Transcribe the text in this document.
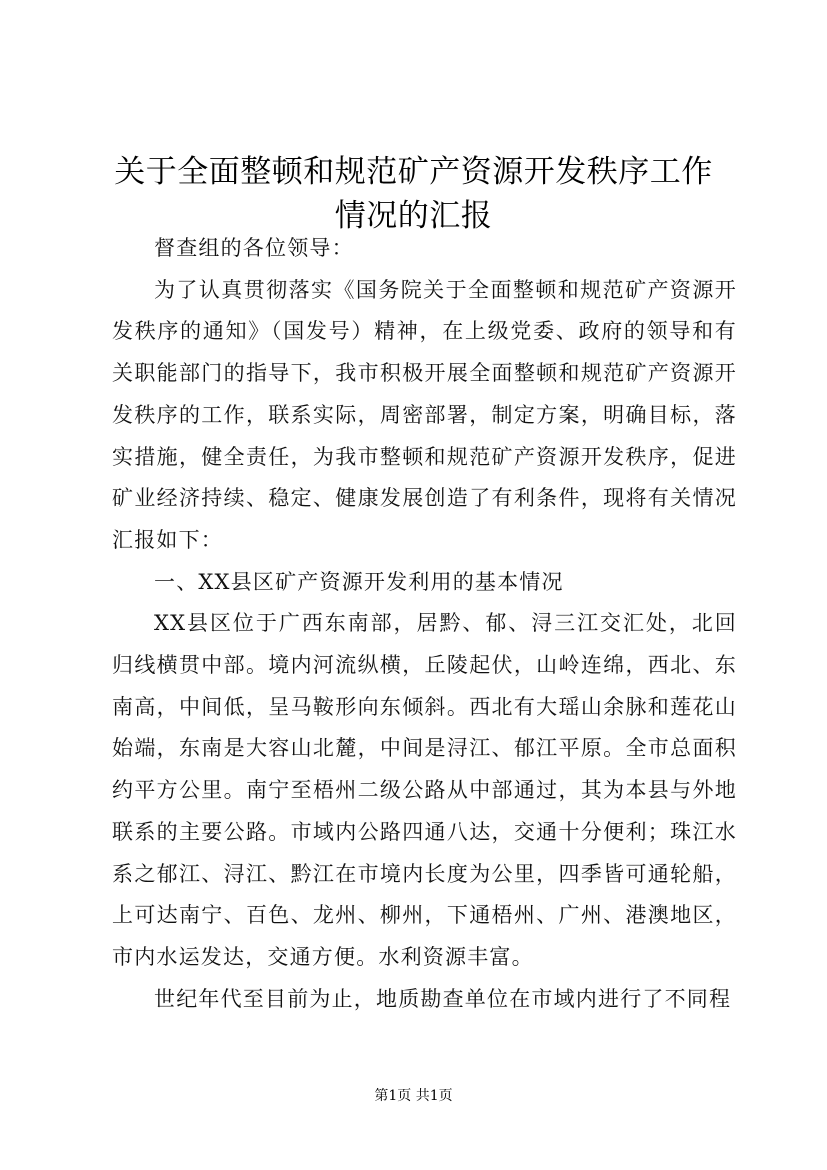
关于全面整顿和规范矿产资源开发秩序工作情况的汇报

督查组的各位领导：

为了认真贯彻落实《国务院关于全面整顿和规范矿产资源开发秩序的通知》（国发号）精神，在上级党委、政府的领导和有关职能部门的指导下，我市积极开展全面整顿和规范矿产资源开发秩序的工作，联系实际，周密部署，制定方案，明确目标，落实措施，健全责任，为我市整顿和规范矿产资源开发秩序，促进矿业经济持续、稳定、健康发展创造了有利条件，现将有关情况汇报如下：

一、XX县区矿产资源开发利用的基本情况

XX县区位于广西东南部，居黔、郁、浔三江交汇处，北回归线横贯中部。境内河流纵横，丘陵起伏，山岭连绵，西北、东南高，中间低，呈马鞍形向东倾斜。西北有大瑶山余脉和莲花山始端，东南是大容山北麓，中间是浔江、郁江平原。全市总面积约平方公里。南宁至梧州二级公路从中部通过，其为本县与外地联系的主要公路。市域内公路四通八达，交通十分便利；珠江水系之郁江、浔江、黔江在市境内长度为公里，四季皆可通轮船，上可达南宁、百色、龙州、柳州，下通梧州、广州、港澳地区，市内水运发达，交通方便。水利资源丰富。

世纪年代至目前为止，地质勘查单位在市域内进行了不同程

第1页 共1页
